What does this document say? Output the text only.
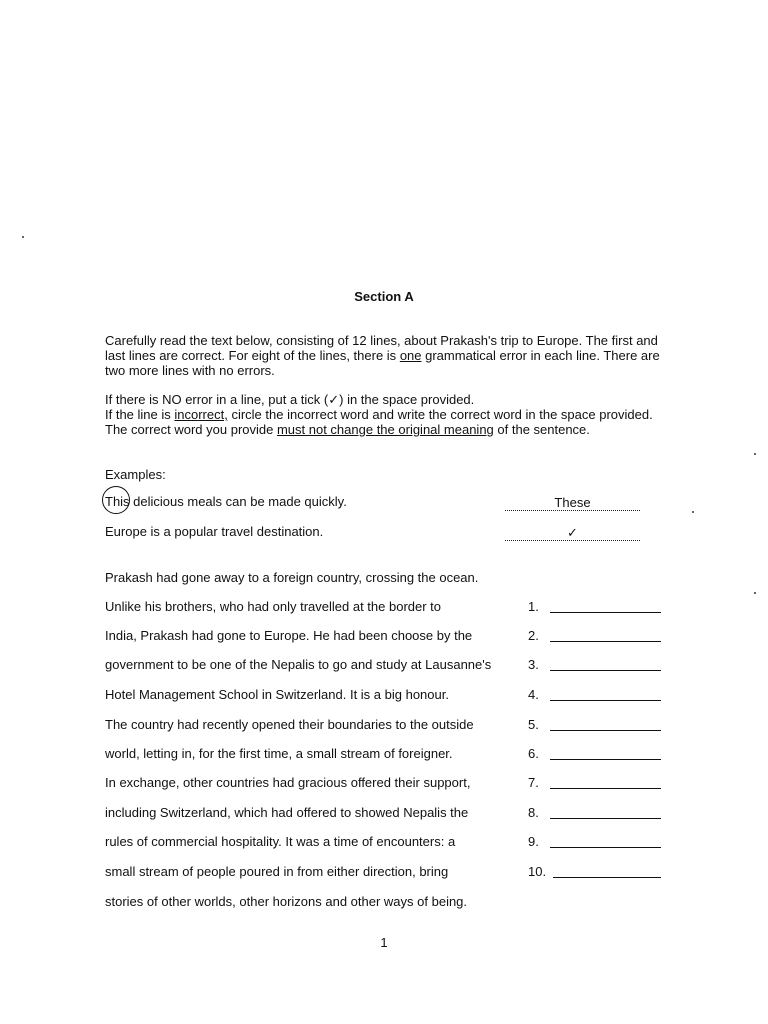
Section A

Carefully read the text below, consisting of 12 lines, about Prakash's trip to Europe. The first and last lines are correct. For eight of the lines, there is one grammatical error in each line. There are two more lines with no errors.

If there is NO error in a line, put a tick (✓) in the space provided.

If the line is incorrect, circle the incorrect word and write the correct word in the space provided.

The correct word you provide must not change the original meaning of the sentence.

Examples:
This delicious meals can be made quickly.	These
Europe is a popular travel destination.	✓
Prakash had gone away to a foreign country, crossing the ocean.
Unlike his brothers, who had only travelled at the border to	1.
India, Prakash had gone to Europe. He had been choose by the	2.
government to be one of the Nepalis to go and study at Lausanne's	3.
Hotel Management School in Switzerland. It is a big honour.	4.
The country had recently opened their boundaries to the outside	5.
world, letting in, for the first time, a small stream of foreigner.	6.
In exchange, other countries had gracious offered their support,	7.
including Switzerland, which had offered to showed Nepalis the	8.
rules of commercial hospitality. It was a time of encounters: a	9.
small stream of people poured in from either direction, bring	10.
stories of other worlds, other horizons and other ways of being.
1
